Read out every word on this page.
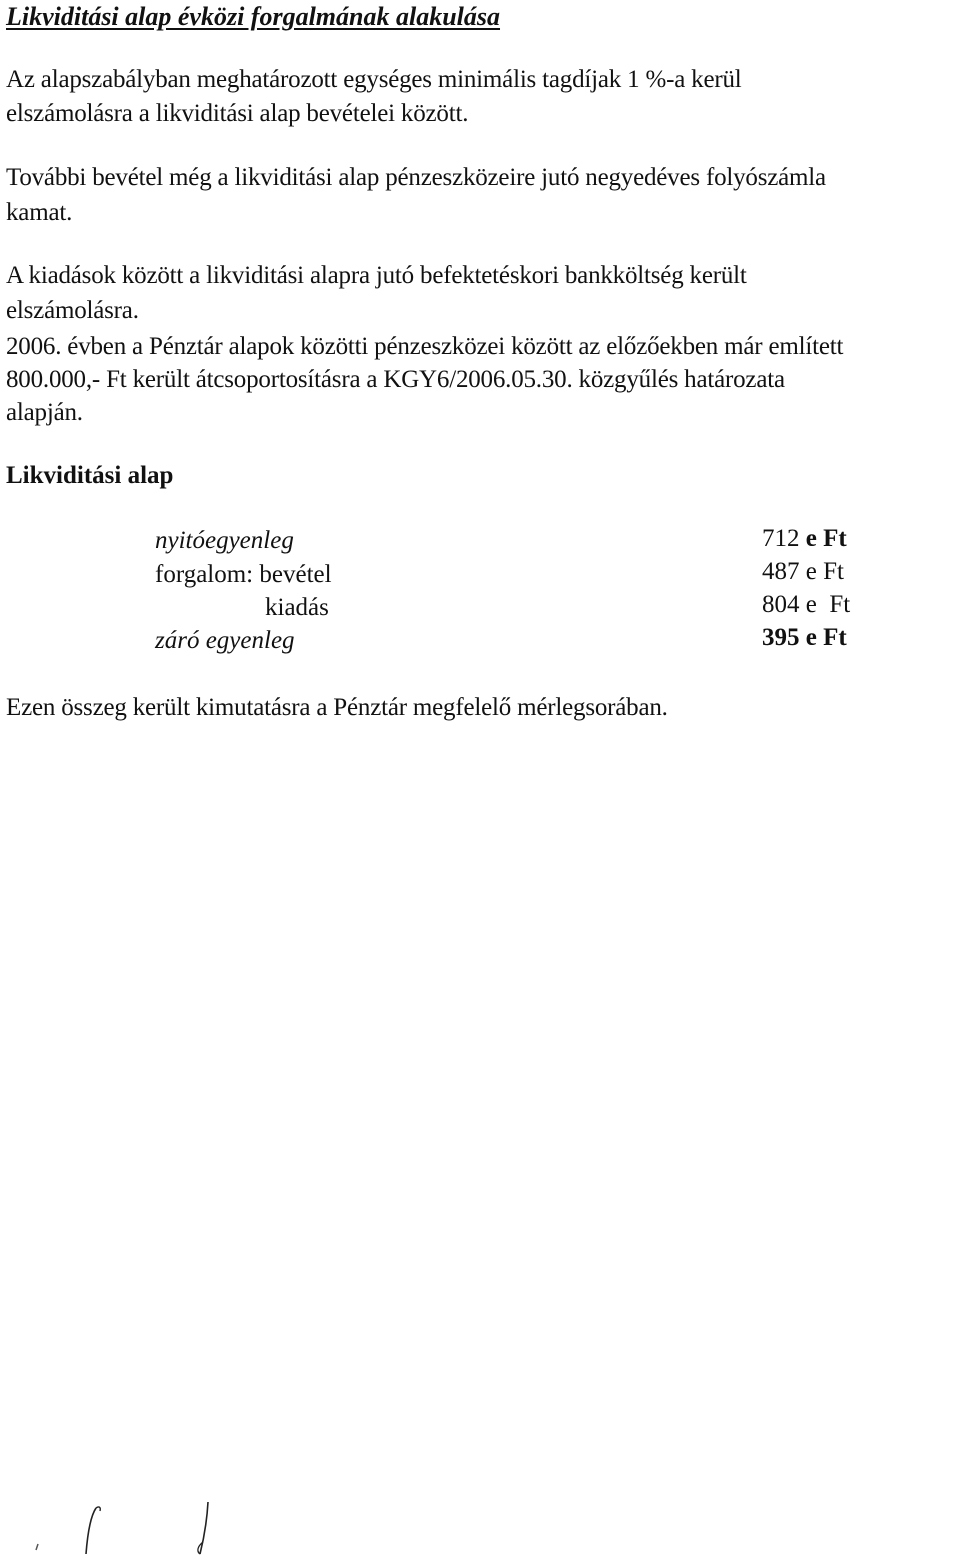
Likviditási alap évközi forgalmának alakulása
Az alapszabályban meghatározott egységes minimális tagdíjak 1 %-a kerül
elszámolásra a likviditási alap bevételei között.
További bevétel még a likviditási alap pénzeszközeire jutó negyedéves folyószámla
kamat.
A kiadások között a likviditási alapra jutó befektetéskori bankköltség került
elszámolásra.
2006. évben a Pénztár alapok közötti pénzeszközei között az előzőekben már említett
800.000,- Ft került átcsoportosításra a KGY6/2006.05.30. közgyűlés határozata
alapján.
Likviditási alap
nyitóegyenleg	712 e Ft
forgalom: bevétel	487 e Ft
kiadás	804 e  Ft
záró egyenleg	395 e Ft
Ezen összeg került kimutatásra a Pénztár megfelelő mérlegsorában.
